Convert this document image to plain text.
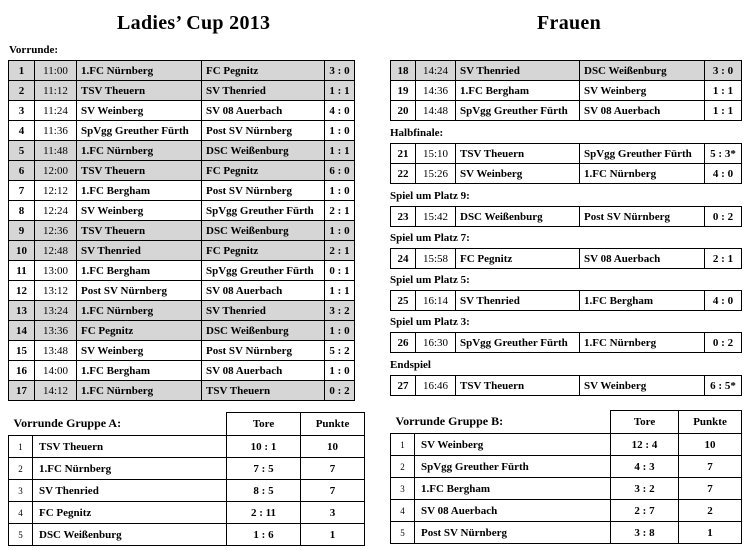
Ladies’ Cup 2013	Frauen
Vorrunde:
1	11:00	1.FC Nürnberg	FC Pegnitz	3 : 0
2	11:12	TSV Theuern	SV Thenried	1 : 1
3	11:24	SV Weinberg	SV 08 Auerbach	4 : 0
4	11:36	SpVgg Greuther Fürth	Post SV Nürnberg	1 : 0
5	11:48	1.FC Nürnberg	DSC Weißenburg	1 : 1
6	12:00	TSV Theuern	FC Pegnitz	6 : 0
7	12:12	1.FC Bergham	Post SV Nürnberg	1 : 0
8	12:24	SV Weinberg	SpVgg Greuther Fürth	2 : 1
9	12:36	TSV Theuern	DSC Weißenburg	1 : 0
10	12:48	SV Thenried	FC Pegnitz	2 : 1
11	13:00	1.FC Bergham	SpVgg Greuther Fürth	0 : 1
12	13:12	Post SV Nürnberg	SV 08 Auerbach	1 : 1
13	13:24	1.FC Nürnberg	SV Thenried	3 : 2
14	13:36	FC Pegnitz	DSC Weißenburg	1 : 0
15	13:48	SV Weinberg	Post SV Nürnberg	5 : 2
16	14:00	1.FC Bergham	SV 08 Auerbach	1 : 0
17	14:12	1.FC Nürnberg	TSV Theuern	0 : 2
18	14:24	SV Thenried	DSC Weißenburg	3 : 0
19	14:36	1.FC Bergham	SV Weinberg	1 : 1
20	14:48	SpVgg Greuther Fürth	SV 08 Auerbach	1 : 1
Halbfinale:
21	15:10	TSV Theuern	SpVgg Greuther Fürth	5 : 3*
22	15:26	SV Weinberg	1.FC Nürnberg	4 : 0
Spiel um Platz 9:
23	15:42	DSC Weißenburg	Post SV Nürnberg	0 : 2
Spiel um Platz 7:
24	15:58	FC Pegnitz	SV 08 Auerbach	2 : 1
Spiel um Platz 5:
25	16:14	SV Thenried	1.FC Bergham	4 : 0
Spiel um Platz 3:
26	16:30	SpVgg Greuther Fürth	1.FC Nürnberg	0 : 2
Endspiel
27	16:46	TSV Theuern	SV Weinberg	6 : 5*
Vorrunde Gruppe A:		Tore	Punkte
1	TSV Theuern	10 : 1	10
2	1.FC Nürnberg	7 : 5	7
3	SV Thenried	8 : 5	7
4	FC Pegnitz	2 : 11	3
5	DSC Weißenburg	1 : 6	1
Vorrunde Gruppe B:		Tore	Punkte
1	SV Weinberg	12 : 4	10
2	SpVgg Greuther Fürth	4 : 3	7
3	1.FC Bergham	3 : 2	7
4	SV 08 Auerbach	2 : 7	2
5	Post SV Nürnberg	3 : 8	1
